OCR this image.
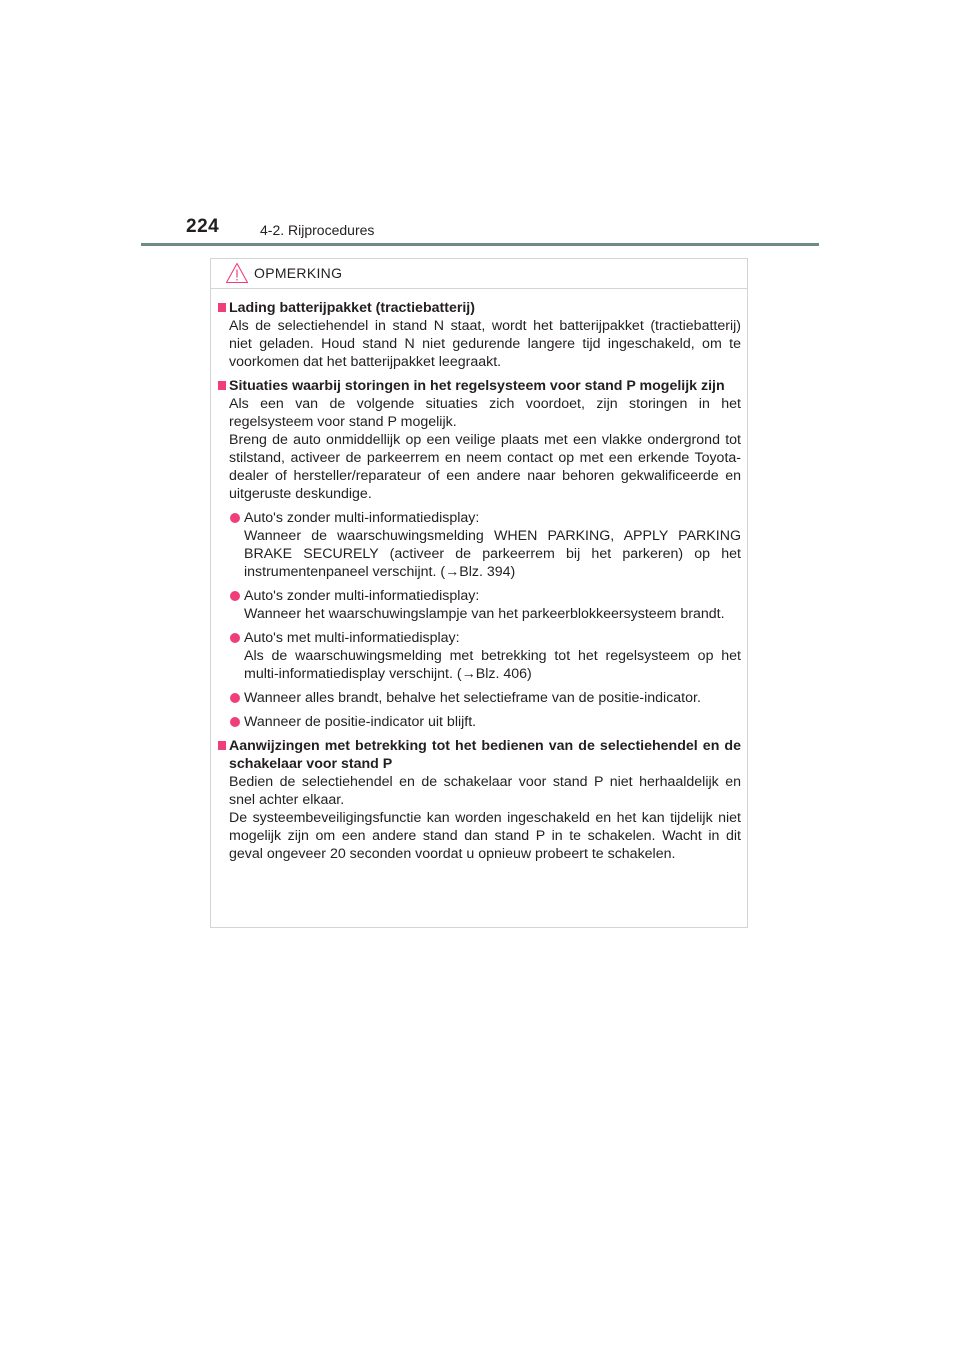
224	4-2. Rijprocedures
OPMERKING
Lading batterijpakket (tractiebatterij)
Als de selectiehendel in stand N staat, wordt het batterijpakket (tractiebatterij) niet geladen. Houd stand N niet gedurende langere tijd ingeschakeld, om te voorkomen dat het batterijpakket leegraakt.
Situaties waarbij storingen in het regelsysteem voor stand P mogelijk zijn
Als een van de volgende situaties zich voordoet, zijn storingen in het regelsysteem voor stand P mogelijk.
Breng de auto onmiddellijk op een veilige plaats met een vlakke ondergrond tot stilstand, activeer de parkeerrem en neem contact op met een erkende Toyota-dealer of hersteller/reparateur of een andere naar behoren gekwalificeerde en uitgeruste deskundige.
Auto's zonder multi-informatiedisplay:
Wanneer de waarschuwingsmelding WHEN PARKING, APPLY PARKING BRAKE SECURELY (activeer de parkeerrem bij het parkeren) op het instrumentenpaneel verschijnt. (→Blz. 394)
Auto's zonder multi-informatiedisplay:
Wanneer het waarschuwingslampje van het parkeerblokkeersysteem brandt.
Auto's met multi-informatiedisplay:
Als de waarschuwingsmelding met betrekking tot het regelsysteem op het multi-informatiedisplay verschijnt. (→Blz. 406)
Wanneer alles brandt, behalve het selectieframe van de positie-indicator.
Wanneer de positie-indicator uit blijft.
Aanwijzingen met betrekking tot het bedienen van de selectiehendel en de schakelaar voor stand P
Bedien de selectiehendel en de schakelaar voor stand P niet herhaaldelijk en snel achter elkaar.
De systeembeveiligingsfunctie kan worden ingeschakeld en het kan tijdelijk niet mogelijk zijn om een andere stand dan stand P in te schakelen. Wacht in dit geval ongeveer 20 seconden voordat u opnieuw probeert te schakelen.
